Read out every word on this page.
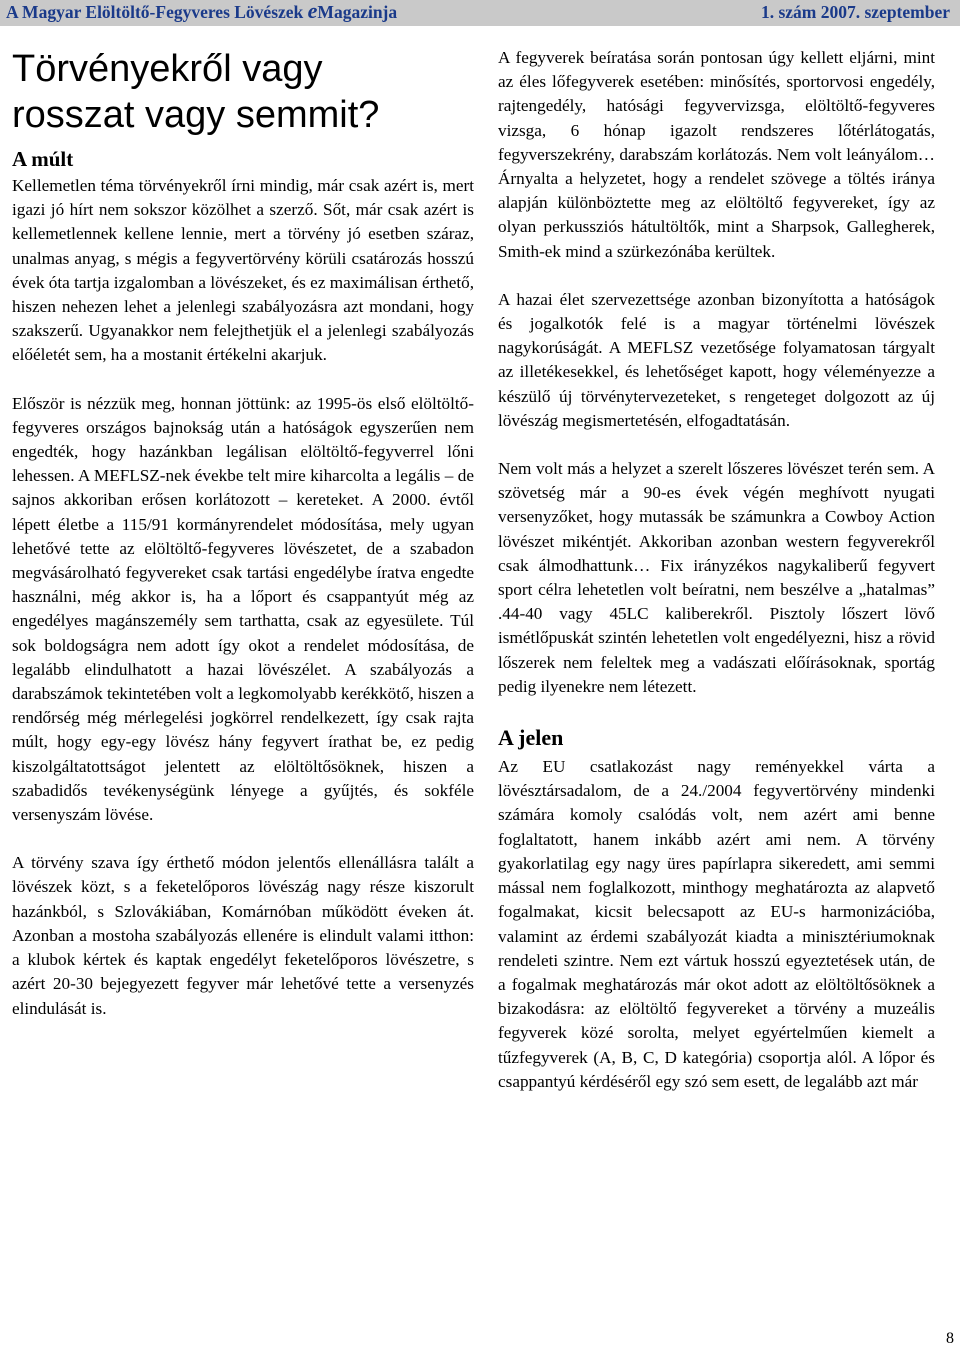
A Magyar Elöltöltő-Fegyveres Lövészek eMagazinja	1. szám 2007. szeptember
Törvényekről vagy
rosszat vagy semmit?
A múlt

Kellemetlen téma törvényekről írni mindig, már csak azért is, mert igazi jó hírt nem sokszor közölhet a szerző. Sőt, már csak azért is kellemetlennek kellene lennie, mert a törvény jó esetben száraz, unalmas anyag, s mégis a fegyvertörvény körüli csatározás hosszú évek óta tartja izgalomban a lövészeket, és ez maximálisan érthető, hiszen nehezen lehet a jelenlegi szabályozásra azt mondani, hogy szakszerű. Ugyanakkor nem felejthetjük el a jelenlegi szabályozás előéletét sem, ha a mostanit értékelni akarjuk.

Először is nézzük meg, honnan jöttünk: az 1995-ös első elöltöltő-fegyveres országos bajnokság után a hatóságok egyszerűen nem engedték, hogy hazánkban legálisan elöltöltő-fegyverrel lőni lehessen. A MEFLSZ-nek évekbe telt mire kiharcolta a legális – de sajnos akkoriban erősen korlátozott – kereteket. A 2000. évtől lépett életbe a 115/91 kormányrendelet módosítása, mely ugyan lehetővé tette az elöltöltő-fegyveres lövészetet, de a szabadon megvásárolható fegyvereket csak tartási engedélybe íratva engedte használni, még akkor is, ha a lőport és csappantyút még az engedélyes magánszemély sem tarthatta, csak az egyesülete. Túl sok boldogságra nem adott így okot a rendelet módosítása, de legalább elindulhatott a hazai lövészélet. A szabályozás a darabszámok tekintetében volt a legkomolyabb kerékkötő, hiszen a rendőrség még mérlegelési jogkörrel rendelkezett, így csak rajta múlt, hogy egy-egy lövész hány fegyvert írathat be, ez pedig kiszolgáltatottságot jelentett az elöltöltősöknek, hiszen a szabadidős tevékenységünk lényege a gyűjtés, és sokféle versenyszám lövése.

A törvény szava így érthető módon jelentős ellenállásra talált a lövészek közt, s a feketelőporos lövészág nagy része kiszorult hazánkból, s Szlovákiában, Komárnóban működött éveken át. Azonban a mostoha szabályozás ellenére is elindult valami itthon: a klubok kértek és kaptak engedélyt feketelőporos lövészetre, s azért 20-30 bejegyezett fegyver már lehetővé tette a versenyzés elindulását is.

A fegyverek beíratása során pontosan úgy kellett eljárni, mint az éles lőfegyverek esetében: minősítés, sportorvosi engedély, rajtengedély, hatósági fegyvervizsga, elöltöltő-fegyveres vizsga, 6 hónap igazolt rendszeres lőtérlátogatás, fegyverszekrény, darabszám korlátozás. Nem volt leányálom… Árnyalta a helyzetet, hogy a rendelet szövege a töltés iránya alapján különböztette meg az elöltöltő fegyvereket, így az olyan perkussziós hátultöltők, mint a Sharpsok, Gallegherek, Smith-ek mind a szürkezónába kerültek.

A hazai élet szervezettsége azonban bizonyította a hatóságok és jogalkotók felé is a magyar történelmi lövészek nagykorúságát. A MEFLSZ vezetősége folyamatosan tárgyalt az illetékesekkel, és lehetőséget kapott, hogy véleményezze a készülő új törvénytervezeteket, s rengeteget dolgozott az új lövészág megismertetésén, elfogadtatásán.

Nem volt más a helyzet a szerelt lőszeres lövészet terén sem. A szövetség már a 90-es évek végén meghívott nyugati versenyzőket, hogy mutassák be számunkra a Cowboy Action lövészet mikéntjét. Akkoriban azonban western fegyverekről csak álmodhattunk… Fix irányzékos nagykaliberű fegyvert sport célra lehetetlen volt beíratni, nem beszélve a „hatalmas” .44-40 vagy 45LC kaliberekről. Pisztoly lőszert lövő ismétlőpuskát szintén lehetetlen volt engedélyezni, hisz a rövid lőszerek nem feleltek meg a vadászati előírásoknak, sportág pedig ilyenekre nem létezett.

A jelen

Az EU csatlakozást nagy reményekkel várta a lövésztársadalom, de a 24./2004 fegyvertörvény mindenki számára komoly csalódás volt, nem azért ami benne foglaltatott, hanem inkább azért ami nem. A törvény gyakorlatilag egy nagy üres papírlapra sikeredett, ami semmi mással nem foglalkozott, minthogy meghatározta az alapvető fogalmakat, kicsit belecsapott az EU-s harmonizációba, valamint az érdemi szabályozát kiadta a minisztériumoknak rendeleti szintre. Nem ezt vártuk hosszú egyeztetések után, de a fogalmak meghatározás már okot adott az elöltöltősöknek a bizakodásra: az elöltöltő fegyvereket a törvény a muzeális fegyverek közé sorolta, melyet egyértelműen kiemelt a tűzfegyverek (A, B, C, D kategória) csoportja alól. A lőpor és csappantyú kérdéséről egy szó sem esett, de legalább azt már

8
